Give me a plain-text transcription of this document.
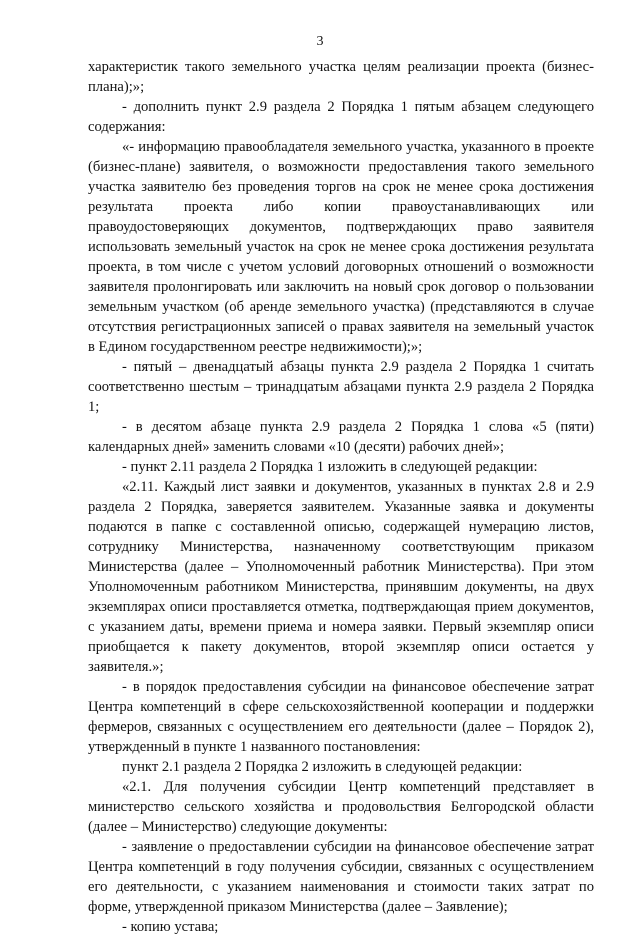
3

характеристик такого земельного участка целям реализации проекта (бизнес-плана);»;

- дополнить пункт 2.9 раздела 2 Порядка 1 пятым абзацем следующего содержания:

«- информацию правообладателя земельного участка, указанного в проекте (бизнес-плане) заявителя, о возможности предоставления такого земельного участка заявителю без проведения торгов на срок не менее срока достижения результата проекта либо копии правоустанавливающих или правоудостоверяющих документов, подтверждающих право заявителя использовать земельный участок на срок не менее срока достижения результата проекта, в том числе с учетом условий договорных отношений о возможности заявителя пролонгировать или заключить на новый срок договор о пользовании земельным участком (об аренде земельного участка) (представляются в случае отсутствия регистрационных записей о правах заявителя на земельный участок в Едином государственном реестре недвижимости);»;

- пятый – двенадцатый абзацы пункта 2.9 раздела 2 Порядка 1 считать соответственно шестым – тринадцатым абзацами пункта 2.9 раздела 2 Порядка 1;

- в десятом абзаце пункта 2.9 раздела 2 Порядка 1 слова «5 (пяти) календарных дней» заменить словами «10 (десяти) рабочих дней»;

- пункт 2.11 раздела 2 Порядка 1 изложить в следующей редакции:

«2.11. Каждый лист заявки и документов, указанных в пунктах 2.8 и 2.9 раздела 2 Порядка, заверяется заявителем. Указанные заявка и документы подаются в папке с составленной описью, содержащей нумерацию листов, сотруднику Министерства, назначенному соответствующим приказом Министерства (далее – Уполномоченный работник Министерства). При этом Уполномоченным работником Министерства, принявшим документы, на двух экземплярах описи проставляется отметка, подтверждающая прием документов, с указанием даты, времени приема и номера заявки. Первый экземпляр описи приобщается к пакету документов, второй экземпляр описи остается у заявителя.»;

- в порядок предоставления субсидии на финансовое обеспечение затрат Центра компетенций в сфере сельскохозяйственной кооперации и поддержки фермеров, связанных с осуществлением его деятельности (далее – Порядок 2), утвержденный в пункте 1 названного постановления:

пункт 2.1 раздела 2 Порядка 2 изложить в следующей редакции:

«2.1. Для получения субсидии Центр компетенций представляет в министерство сельского хозяйства и продовольствия Белгородской области (далее – Министерство) следующие документы:

- заявление о предоставлении субсидии на финансовое обеспечение затрат Центра компетенций в году получения субсидии, связанных с осуществлением его деятельности, с указанием наименования и стоимости таких затрат по форме, утвержденной приказом Министерства (далее – Заявление);

- копию устава;
